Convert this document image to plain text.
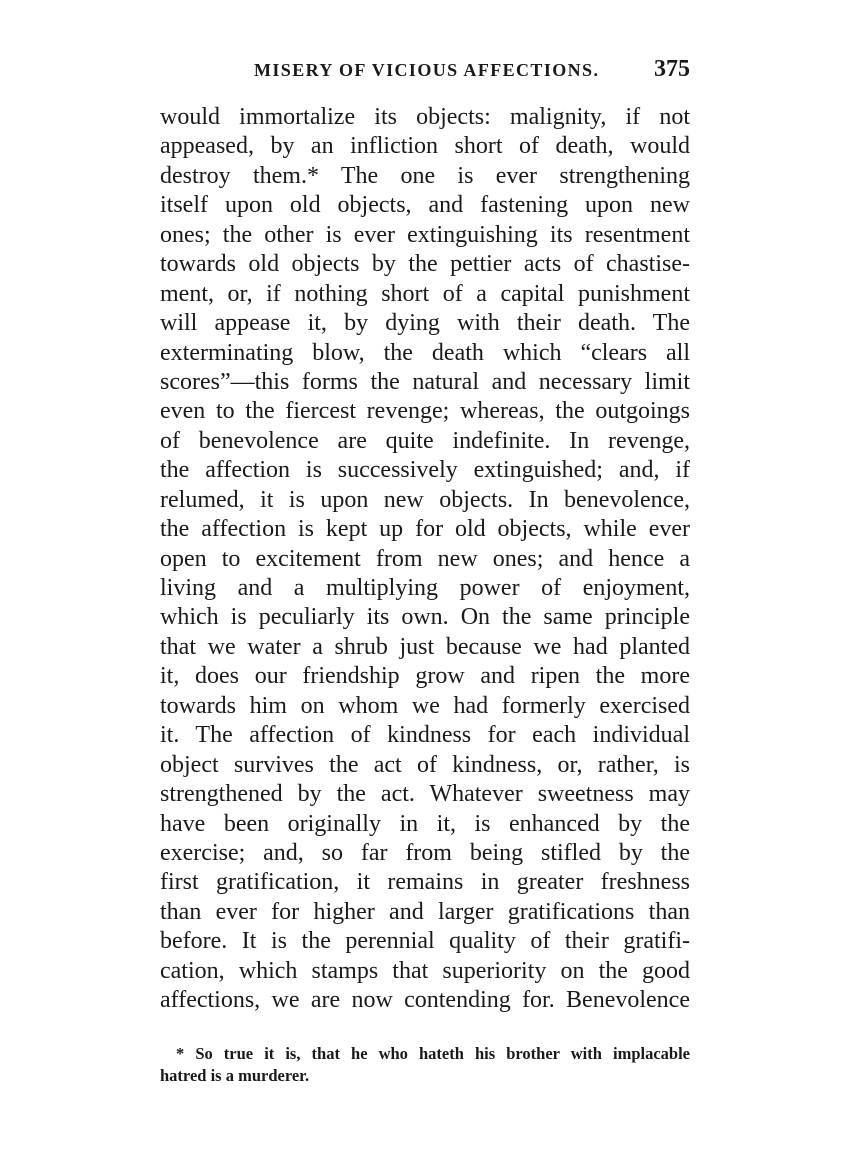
MISERY OF VICIOUS AFFECTIONS. 375
would immortalize its objects: malignity, if not
appeased, by an infliction short of death, would
destroy them.* The one is ever strengthening
itself upon old objects, and fastening upon new
ones; the other is ever extinguishing its resentment
towards old objects by the pettier acts of chastise-
ment, or, if nothing short of a capital punishment
will appease it, by dying with their death. The
exterminating blow, the death which “clears all
scores”—this forms the natural and necessary limit
even to the fiercest revenge; whereas, the outgoings
of benevolence are quite indefinite. In revenge,
the affection is successively extinguished; and, if
relumed, it is upon new objects. In benevolence,
the affection is kept up for old objects, while ever
open to excitement from new ones; and hence a
living and a multiplying power of enjoyment,
which is peculiarly its own. On the same principle
that we water a shrub just because we had planted
it, does our friendship grow and ripen the more
towards him on whom we had formerly exercised
it. The affection of kindness for each individual
object survives the act of kindness, or, rather, is
strengthened by the act. Whatever sweetness may
have been originally in it, is enhanced by the
exercise; and, so far from being stifled by the
first gratification, it remains in greater freshness
than ever for higher and larger gratifications than
before. It is the perennial quality of their gratifi-
cation, which stamps that superiority on the good
affections, we are now contending for. Benevolence
* So true it is, that he who hateth his brother with implacable
hatred is a murderer.
